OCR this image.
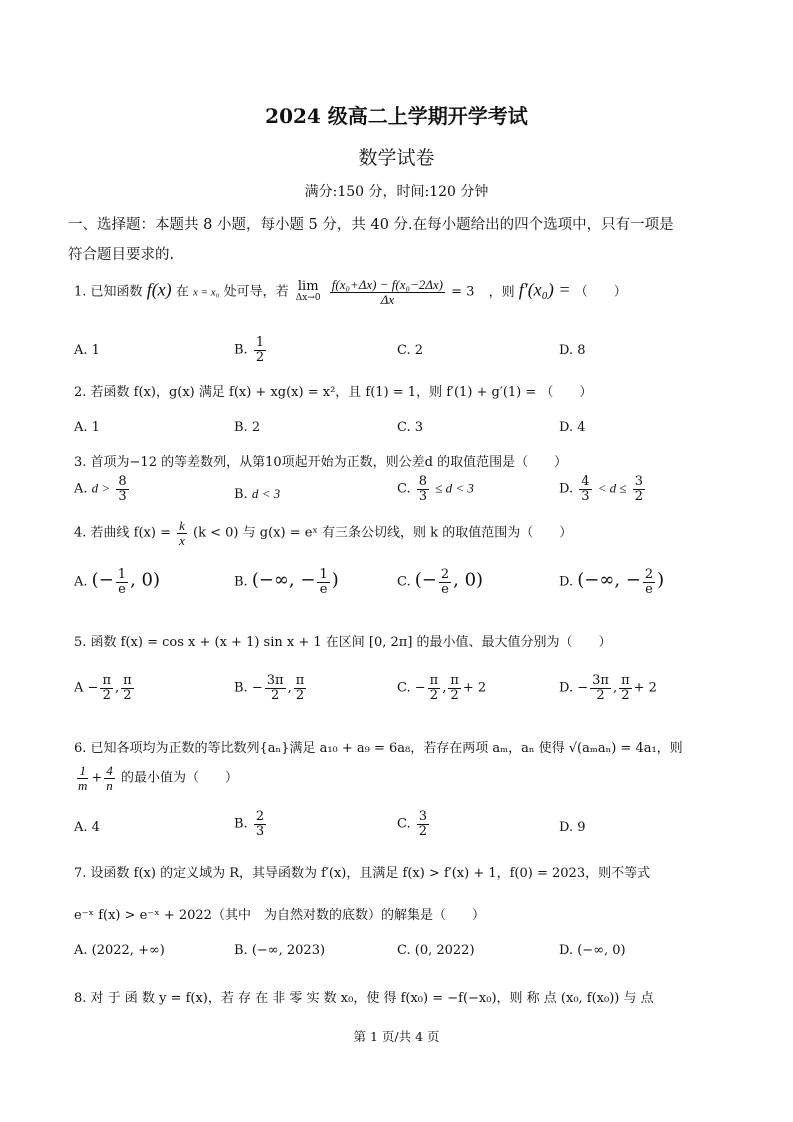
2024 级高二上学期开学考试
数学试卷
满分:150 分，时间:120 分钟
一、选择题：本题共 8 小题，每小题 5 分，共 40 分.在每小题给出的四个选项中，只有一项是
符合题目要求的.
1. 已知函数 f(x) 在 x = x₀ 处可导，若 lim
Δx→0
$\frac{\text{f(x₀+Δx) − f(x₀−2Δx)}}{\Delta x} = 3$ ，则 f′(x₀) = （　　）
A. 1	B. $\frac{1}{2}$	C. 2	D. 8
2. 若函数 f(x)，g(x) 满足 f(x) + xg(x) = x²，且 f(1) = 1，则 f′(1) + g′(1) = （　　）
A. 1	B. 2	C. 3	D. 4
3. 首项为−12 的等差数列，从第10项起开始为正数，则公差d 的取值范围是（　　）
A. $d > \frac{8}{3}$	B. d < 3	C. $\frac{8}{3} \le d < 3$	D. $\frac{4}{3} < d \le \frac{3}{2}$
4. 若曲线 $f(x) = \frac{k}{x} (k < 0)$ 与 g(x) = eˣ 有三条公切线，则 k 的取值范围为（　　）
A. (− $\frac{1}{e}$ , 0)	B. (−∞, − $\frac{1}{e}$ )	C. (− $\frac{2}{e}$ , 0)	D. (−∞, − $\frac{2}{e}$ )
5. 函数 f(x) = cos x + (x + 1) sin x + 1 在区间 [0, 2π] 的最小值、最大值分别为（　　）
$A - \frac{\pi}{2}$ , $\frac{\pi}{2}$	B. − $\frac{3\pi}{2}$ , $\frac{\pi}{2}$	C. − $\frac{\pi}{2}$ , $\frac{\pi}{2} + 2$	D. − $\frac{3\pi}{2}$ , $\frac{\pi}{2} + 2$
6. 已知各项均为正数的等比数列{aₙ}满足 a₁₀ + a₉ = 6a₈，若存在两项 aₘ，aₙ 使得 √(aₘaₙ) = 4a₁，则
$\frac{1}{m} + \frac{4}{n}$ 的最小值为（　　）
A. 4	B. $\frac{2}{3}$	C. $\frac{3}{2}$	D. 9
7. 设函数 f(x) 的定义域为 R，其导函数为 f′(x)，且满足 f(x) > f′(x) + 1，f(0) = 2023，则不等式
e⁻ˣ f(x) > e⁻ˣ + 2022（其中　为自然对数的底数）的解集是（　　）
A. (2022, +∞)	B. (−∞, 2023)	C. (0, 2022)	D. (−∞, 0)
8. 对 于 函 数 y = f(x)，若 存 在 非 零 实 数 x₀，使 得 f(x₀) = −f(−x₀)，则 称 点 (x₀, f(x₀)) 与 点
第 1 页/共 4 页
